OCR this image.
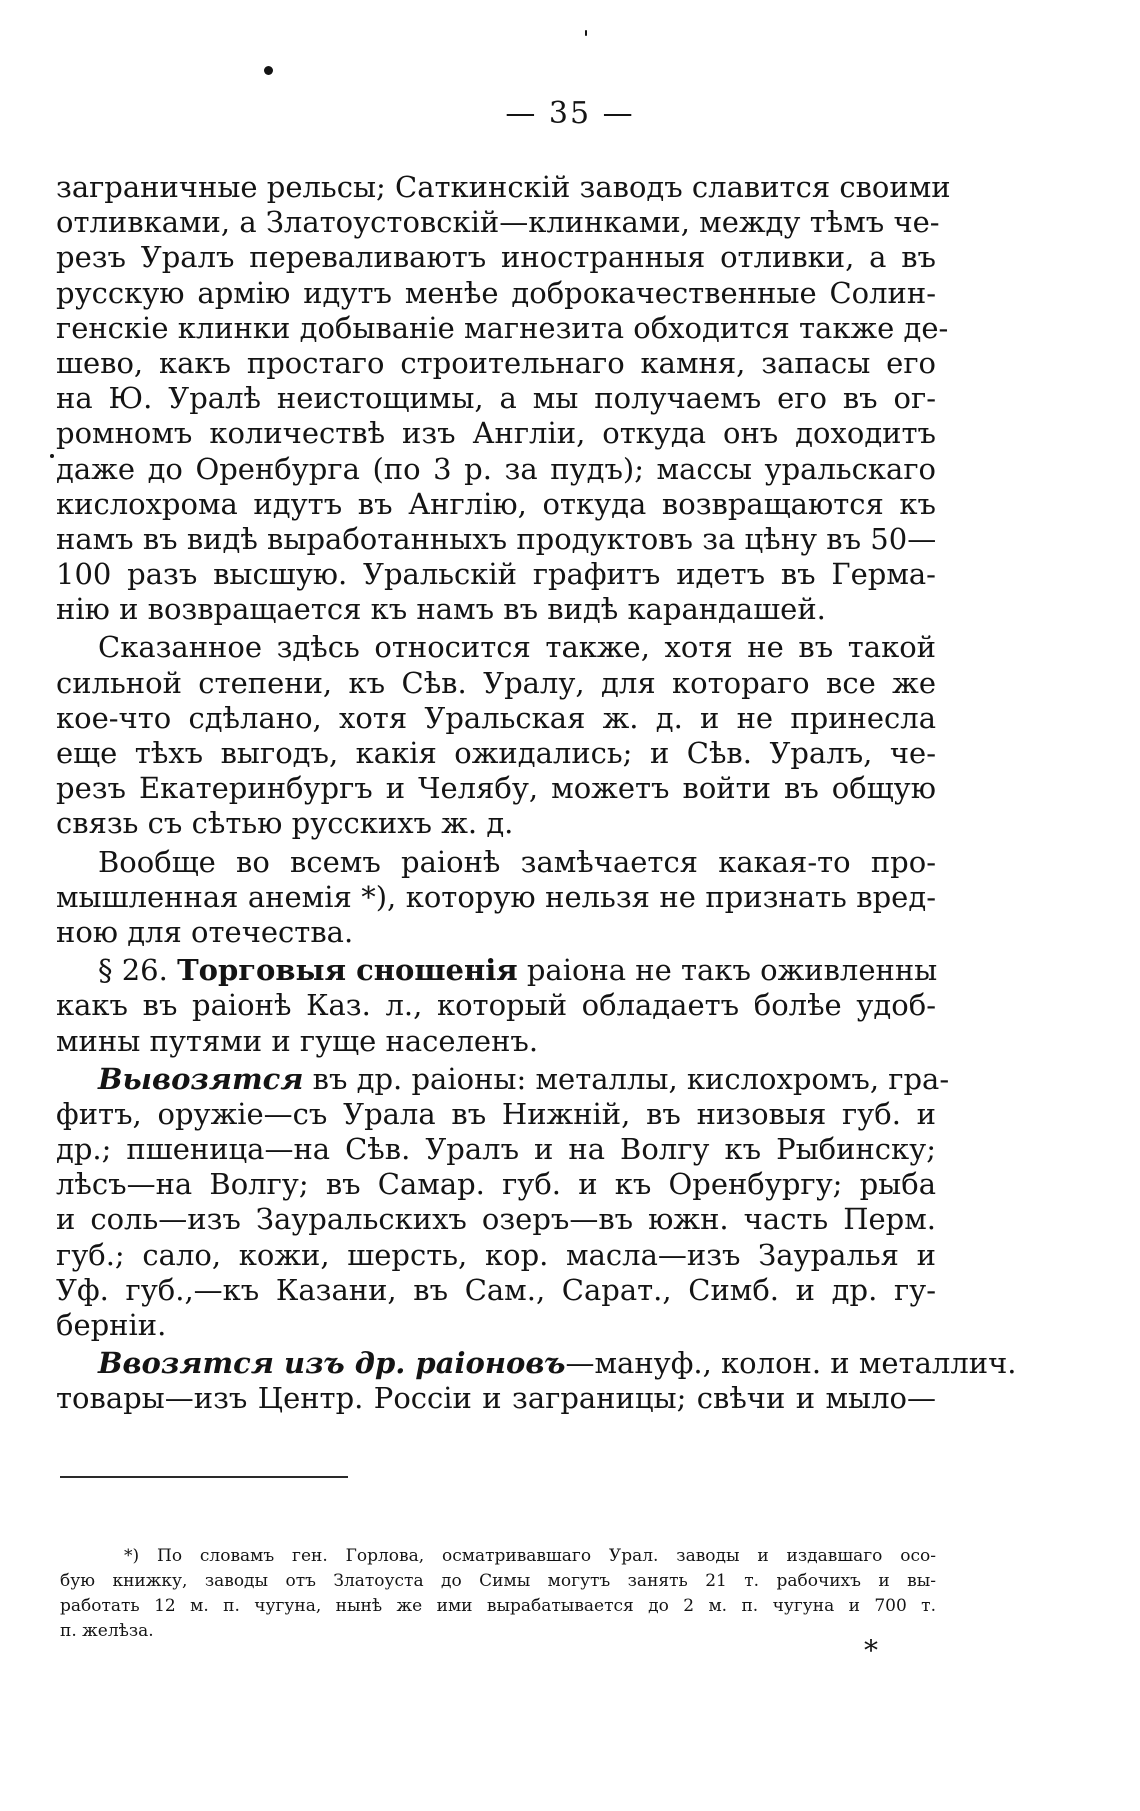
— 35 —
заграничные рельсы; Саткинскій заводъ славится своими
отливками, а Златоустовскій—клинками, между тѣмъ че-
резъ Уралъ переваливаютъ иностранныя отливки, а въ
русскую армію идутъ менѣе доброкачественные Солин-
генскіе клинки добываніе магнезита обходится также де-
шево, какъ простаго строительнаго камня, запасы его
на Ю. Уралѣ неистощимы, а мы получаемъ его въ ог-
ромномъ количествѣ изъ Англіи, откуда онъ доходитъ
даже до Оренбурга (по 3 р. за пудъ); массы уральскаго
кислохрома идутъ въ Англію, откуда возвращаются къ
намъ въ видѣ выработанныхъ продуктовъ за цѣну въ 50—
100 разъ высшую. Уральскій графитъ идетъ въ Герма-
нію и возвращается къ намъ въ видѣ карандашей.
Сказанное здѣсь относится также, хотя не въ такой
сильной степени, къ Сѣв. Уралу, для котораго все же
кое-что сдѣлано, хотя Уральская ж. д. и не принесла
еще тѣхъ выгодъ, какія ожидались; и Сѣв. Уралъ, че-
резъ Екатеринбургъ и Челябу, можетъ войти въ общую
связь съ сѣтью русскихъ ж. д.
Вообще во всемъ раіонѣ замѣчается какая-то про-
мышленная анемія *), которую нельзя не признать вред-
ною для отечества.
§ 26. Торговыя сношенія раіона не такъ оживленны
какъ въ раіонѣ Каз. л., который обладаетъ болѣе удоб-
мины путями и гуще населенъ.
Вывозятся въ др. раіоны: металлы, кислохромъ, гра-
фитъ, оружіе—съ Урала въ Нижній, въ низовыя губ. и
др.; пшеница—на Сѣв. Уралъ и на Волгу къ Рыбинску;
лѣсъ—на Волгу; въ Самар. губ. и къ Оренбургу; рыба
и соль—изъ Зауральскихъ озеръ—въ южн. часть Перм.
губ.; сало, кожи, шерсть, кор. масла—изъ Зауралья и
Уф. губ.,—къ Казани, въ Сам., Сарат., Симб. и др. гу-
берніи.
Ввозятся изъ др. раіоновъ—мануф., колон. и металлич.
товары—изъ Центр. Россіи и заграницы; свѣчи и мыло—
*) По словамъ ген. Горлова, осматривавшаго Урал. заводы и издавшаго осо-
бую книжку, заводы отъ Златоуста до Симы могутъ занять 21 т. рабочихъ и вы-
работать 12 м. п. чугуна, нынѣ же ими вырабатывается до 2 м. п. чугуна и 700 т.
п. желѣза.
*
